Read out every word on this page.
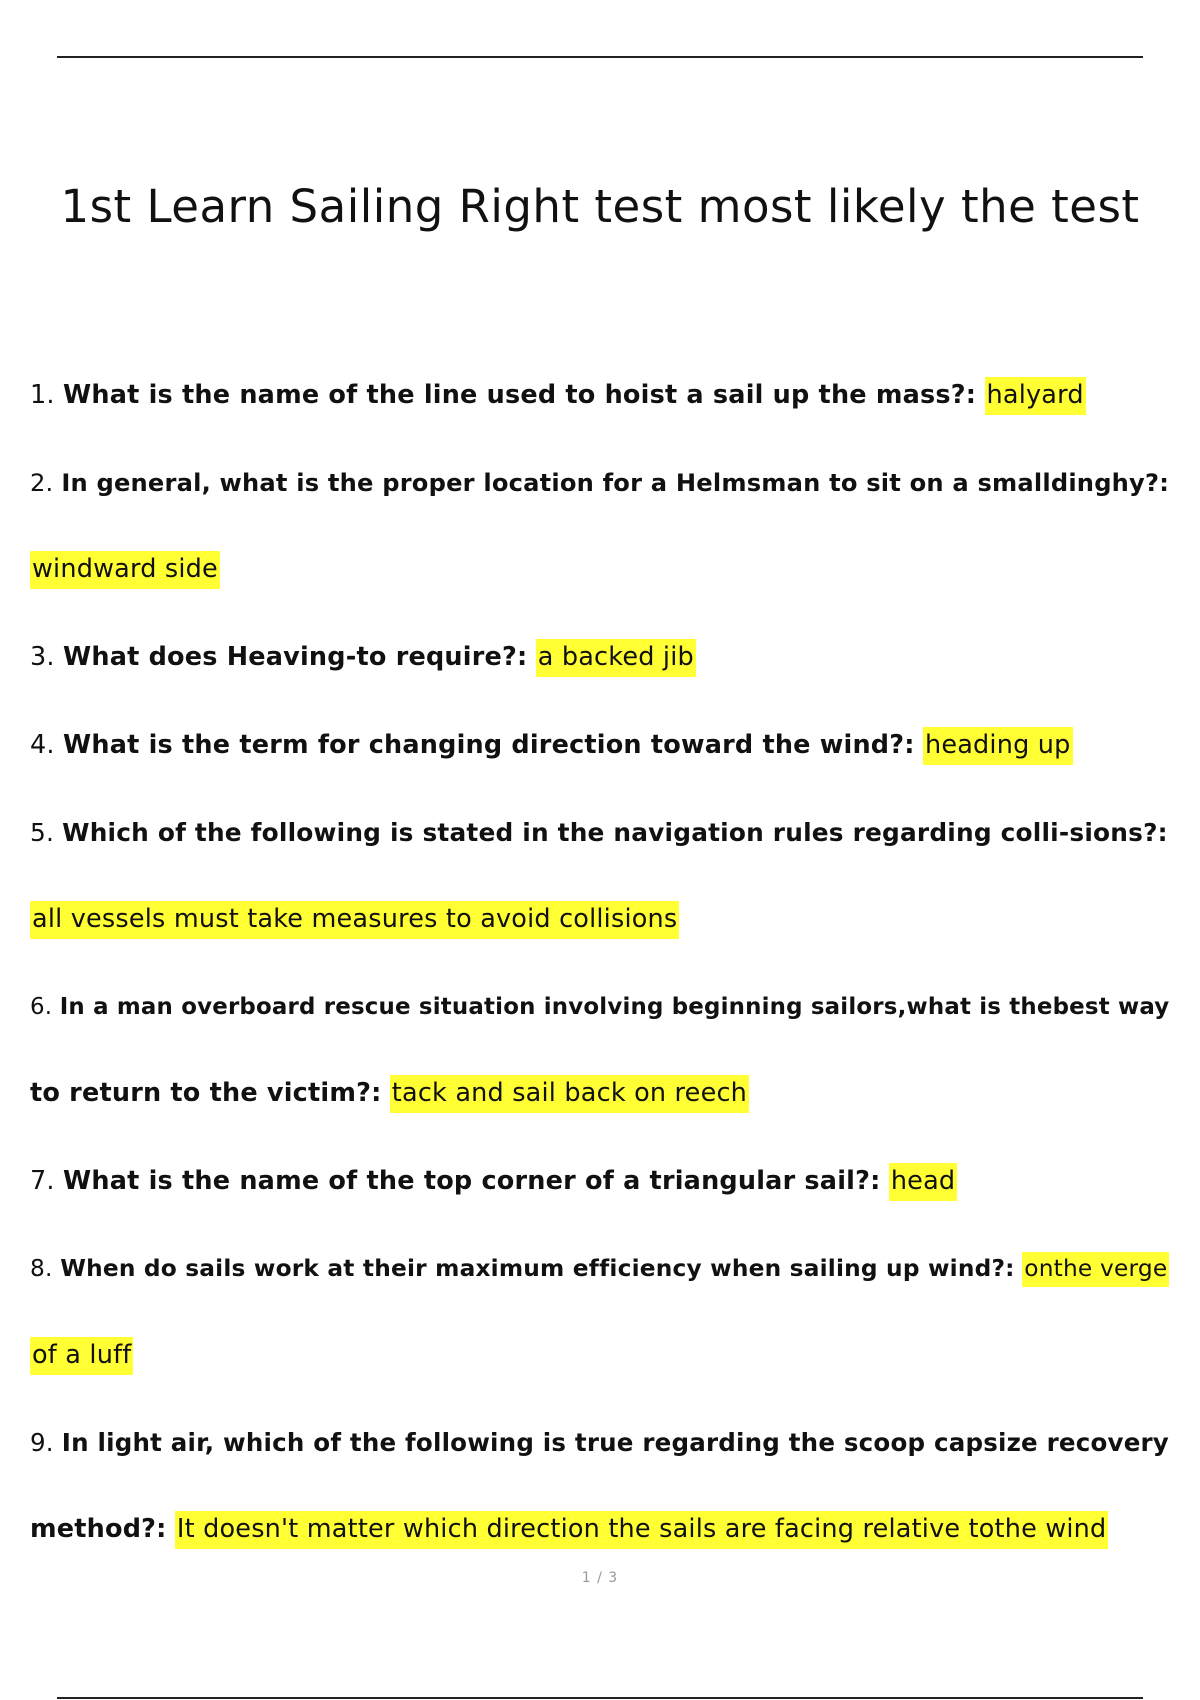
1st Learn Sailing Right test most likely the test
1. What is the name of the line used to hoist a sail up the mass?: halyard
2. In general, what is the proper location for a Helmsman to sit on a smalldinghy?:
windward side
3. What does Heaving-to require?: a backed jib
4. What is the term for changing direction toward the wind?: heading up
5. Which of the following is stated in the navigation rules regarding colli-sions?:
all vessels must take measures to avoid collisions
6. In a man overboard rescue situation involving beginning sailors,what is thebest way
to return to the victim?: tack and sail back on reech
7. What is the name of the top corner of a triangular sail?: head
8. When do sails work at their maximum efficiency when sailing up wind?: onthe verge
of a luff
9. In light air, which of the following is true regarding the scoop capsize recovery
method?: It doesn't matter which direction the sails are facing relative tothe wind
1 / 3
